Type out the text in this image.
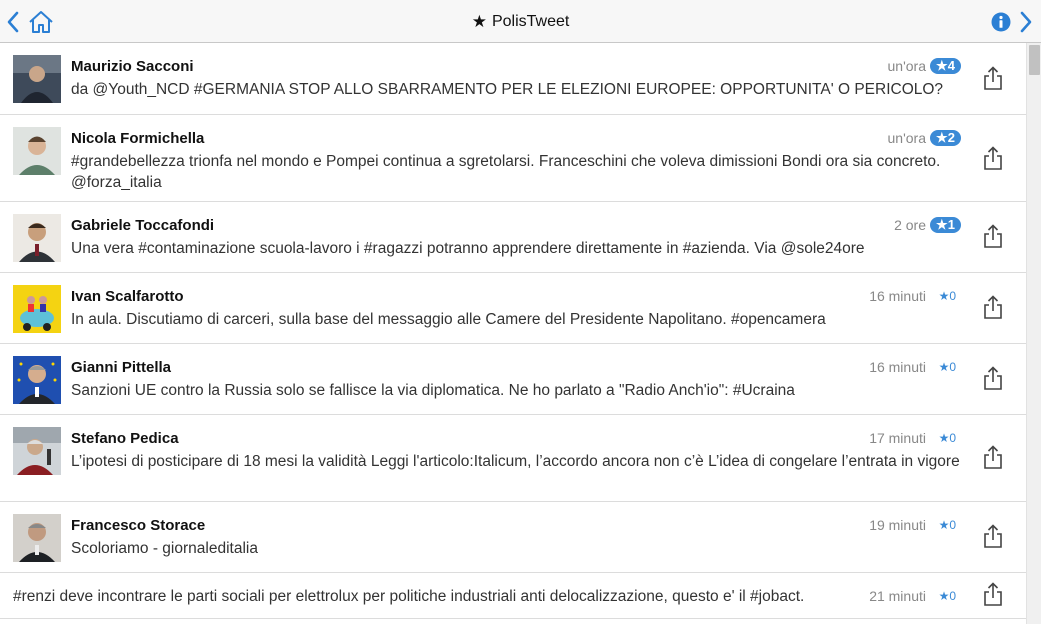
★ PolisTweet
Maurizio Sacconi
da @Youth_NCD #GERMANIA STOP ALLO SBARRAMENTO PER LE ELEZIONI EUROPEE: OPPORTUNITA' O PERICOLO?
un'ora ★4
Nicola Formichella
#grandebellezza trionfa nel mondo e Pompei continua a sgretolarsi. Franceschini che voleva dimissioni Bondi ora sia concreto. @forza_italia
un'ora ★2
Gabriele Toccafondi
Una vera #contaminazione scuola-lavoro i #ragazzi potranno apprendere direttamente in #azienda. Via @sole24ore
2 ore ★1
Ivan Scalfarotto
In aula. Discutiamo di carceri, sulla base del messaggio alle Camere del Presidente Napolitano. #opencamera
16 minuti ★0
Gianni Pittella
Sanzioni UE contro la Russia solo se fallisce la via diplomatica. Ne ho parlato a "Radio Anch'io": #Ucraina
16 minuti ★0
Stefano Pedica
L’ipotesi di posticipare di 18 mesi la validità Leggi l'articolo:Italicum, l’accordo ancora non c’è L’idea di congelare l’entrata in vigore
17 minuti ★0
Francesco Storace
Scoloriamo - giornaleditalia
19 minuti ★0
#renzi deve incontrare le parti sociali per elettrolux per politiche industriali anti delocalizzazione, questo e' il #jobact.	21 minuti ★0
